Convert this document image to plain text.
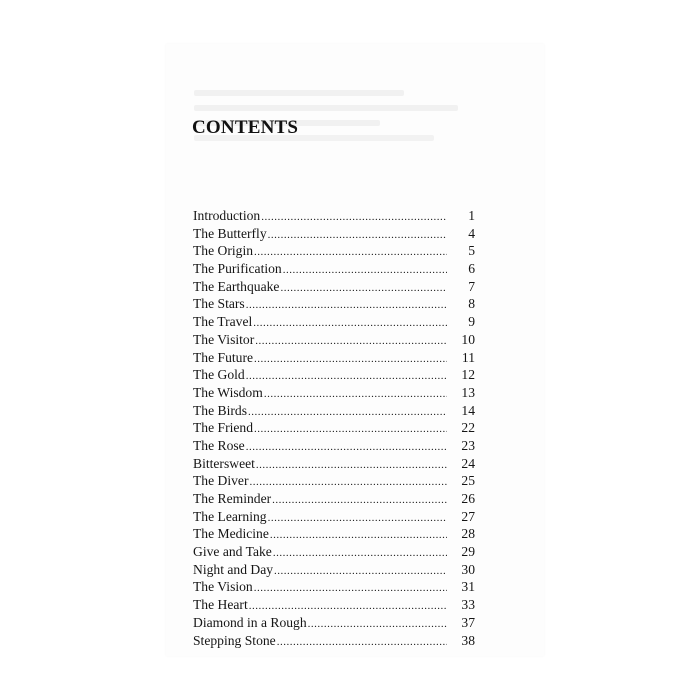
CONTENTS
Introduction .....	1
The Butterfly .....	4
The Origin .....	5
The Purification .....	6
The Earthquake .....	7
The Stars .....	8
The Travel .....	9
The Visitor .....	10
The Future .....	11
The Gold .....	12
The Wisdom .....	13
The Birds .....	14
The Friend .....	22
The Rose .....	23
Bittersweet .....	24
The Diver .....	25
The Reminder .....	26
The Learning .....	27
The Medicine .....	28
Give and Take .....	29
Night and Day .....	30
The Vision .....	31
The Heart .....	33
Diamond in a Rough .....	37
Stepping Stone .....	38
